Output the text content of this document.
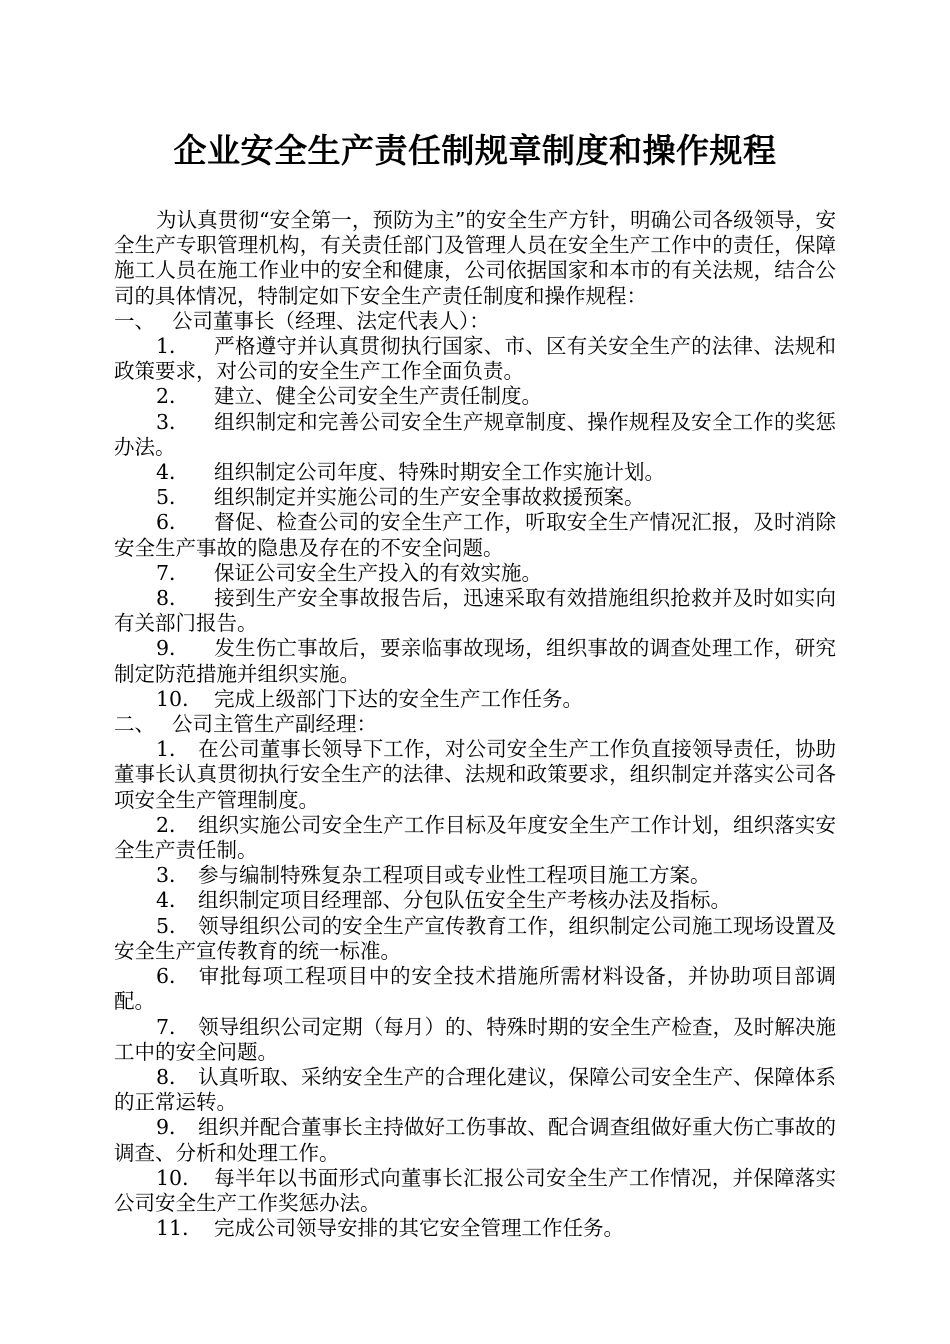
企业安全生产责任制规章制度和操作规程

为认真贯彻“安全第一，预防为主”的安全生产方针，明确公司各级领导，安全生产专职管理机构，有关责任部门及管理人员在安全生产工作中的责任，保障施工人员在施工作业中的安全和健康，公司依据国家和本市的有关法规，结合公司的具体情况，特制定如下安全生产责任制度和操作规程：

一、 公司董事长（经理、法定代表人）：

1． 严格遵守并认真贯彻执行国家、市、区有关安全生产的法律、法规和政策要求，对公司的安全生产工作全面负责。

2． 建立、健全公司安全生产责任制度。

3． 组织制定和完善公司安全生产规章制度、操作规程及安全工作的奖惩办法。

4． 组织制定公司年度、特殊时期安全工作实施计划。

5． 组织制定并实施公司的生产安全事故救援预案。

6． 督促、检查公司的安全生产工作，听取安全生产情况汇报，及时消除安全生产事故的隐患及存在的不安全问题。

7． 保证公司安全生产投入的有效实施。

8． 接到生产安全事故报告后，迅速采取有效措施组织抢救并及时如实向有关部门报告。

9． 发生伤亡事故后，要亲临事故现场，组织事故的调查处理工作，研究制定防范措施并组织实施。

10． 完成上级部门下达的安全生产工作任务。

二、 公司主管生产副经理：

1． 在公司董事长领导下工作，对公司安全生产工作负直接领导责任，协助董事长认真贯彻执行安全生产的法律、法规和政策要求，组织制定并落实公司各项安全生产管理制度。

2． 组织实施公司安全生产工作目标及年度安全生产工作计划，组织落实安全生产责任制。

3． 参与编制特殊复杂工程项目或专业性工程项目施工方案。

4． 组织制定项目经理部、分包队伍安全生产考核办法及指标。

5． 领导组织公司的安全生产宣传教育工作，组织制定公司施工现场设置及安全生产宣传教育的统一标准。

6． 审批每项工程项目中的安全技术措施所需材料设备，并协助项目部调配。

7． 领导组织公司定期（每月）的、特殊时期的安全生产检查，及时解决施工中的安全问题。

8． 认真听取、采纳安全生产的合理化建议，保障公司安全生产、保障体系的正常运转。

9． 组织并配合董事长主持做好工伤事故、配合调查组做好重大伤亡事故的调查、分析和处理工作。

10． 每半年以书面形式向董事长汇报公司安全生产工作情况，并保障落实公司安全生产工作奖惩办法。

11． 完成公司领导安排的其它安全管理工作任务。
